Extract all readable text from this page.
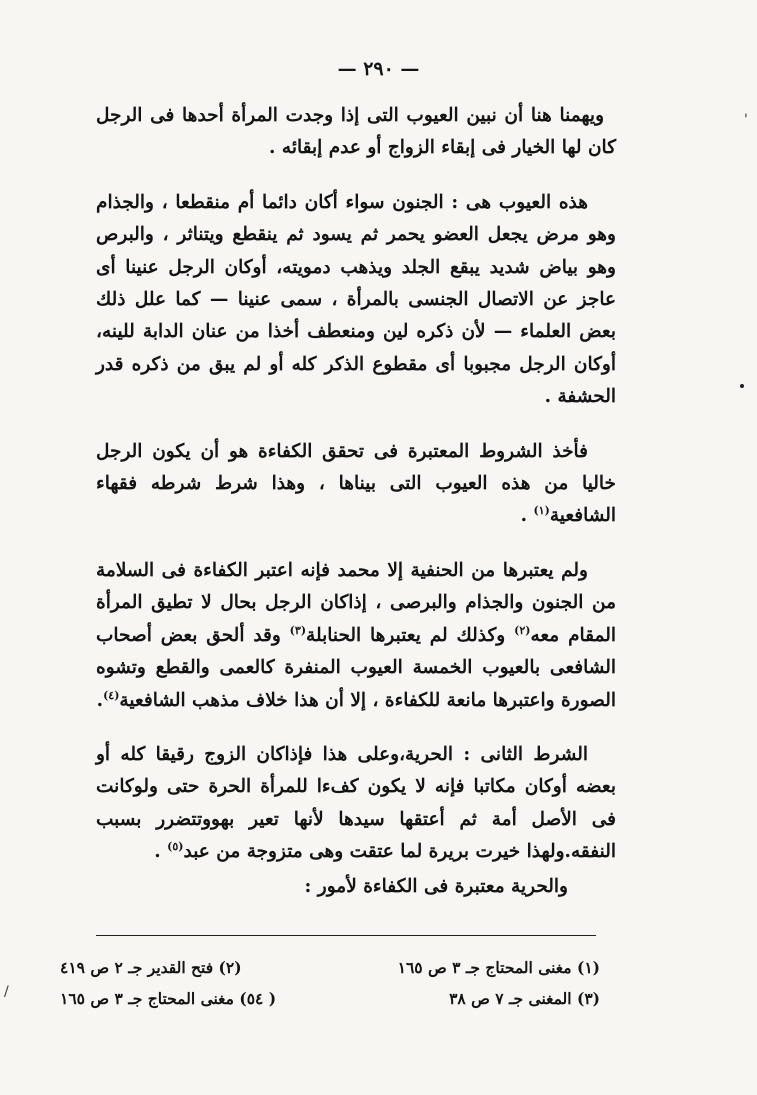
— ٢٩٠ —

ويهمنا هنا أن نبين العيوب التى إذا وجدت المرأة أحدها فى الرجل كان لها الخيار فى إبقاء الزواج أو عدم إبقائه .

هذه العيوب هى : الجنون سواء أكان دائما أم منقطعا ، والجذام وهو مرض يجعل العضو يحمر ثم يسود ثم ينقطع ويتناثر ، والبرص وهو بياض شديد يبقع الجلد ويذهب دمويته، أوكان الرجل عنينا أى عاجز عن الاتصال الجنسى بالمرأة ، سمى عنينا — كما علل ذلك بعض العلماء — لأن ذكره لين ومنعطف أخذا من عنان الدابة للينه، أوكان الرجل مجبوبا أى مقطوع الذكر كله أو لم يبق من ذكره قدر الحشفة .

فأخذ الشروط المعتبرة فى تحقق الكفاءة هو أن يكون الرجل خاليا من هذه العيوب التى بيناها ، وهذا شرط شرطه فقهاء الشافعية$^{(١)}$ .

ولم يعتبرها من الحنفية إلا محمد فإنه اعتبر الكفاءة فى السلامة من الجنون والجذام والبرصى ، إذاكان الرجل بحال لا تطيق المرأة المقام معه$^{(٢)}$ وكذلك لم يعتبرها الحنابلة$^{(٣)}$ وقد ألحق بعض أصحاب الشافعى بالعيوب الخمسة العيوب المنفرة كالعمى والقطع وتشوه الصورة واعتبرها مانعة للكفاءة ، إلا أن هذا خلاف مذهب الشافعية$^{(٤)}$.

الشرط الثانى : الحرية،وعلى هذا فإذاكان الزوج رقيقا كله أو بعضه أوكان مكاتبا فإنه لا يكون كفءا للمرأة الحرة حتى ولوكانت فى الأصل أمة ثم أعتقها سيدها لأنها تعير بهووتتضرر بسبب النفقه.ولهذا خيرت بريرة لما عتقت وهى متزوجة من عبد$^{(٥)}$ .

والحرية معتبرة فى الكفاءة لأمور :

(١) مغنى المحتاج جـ ٣ ص ١٦٥
(٢) فتح القدير جـ ٢ ص ٤١٩
(٣) المغنى جـ ٧ ص ٣٨
( ٥٤) مغنى المحتاج جـ ٣ ص ١٦٥
'
/
